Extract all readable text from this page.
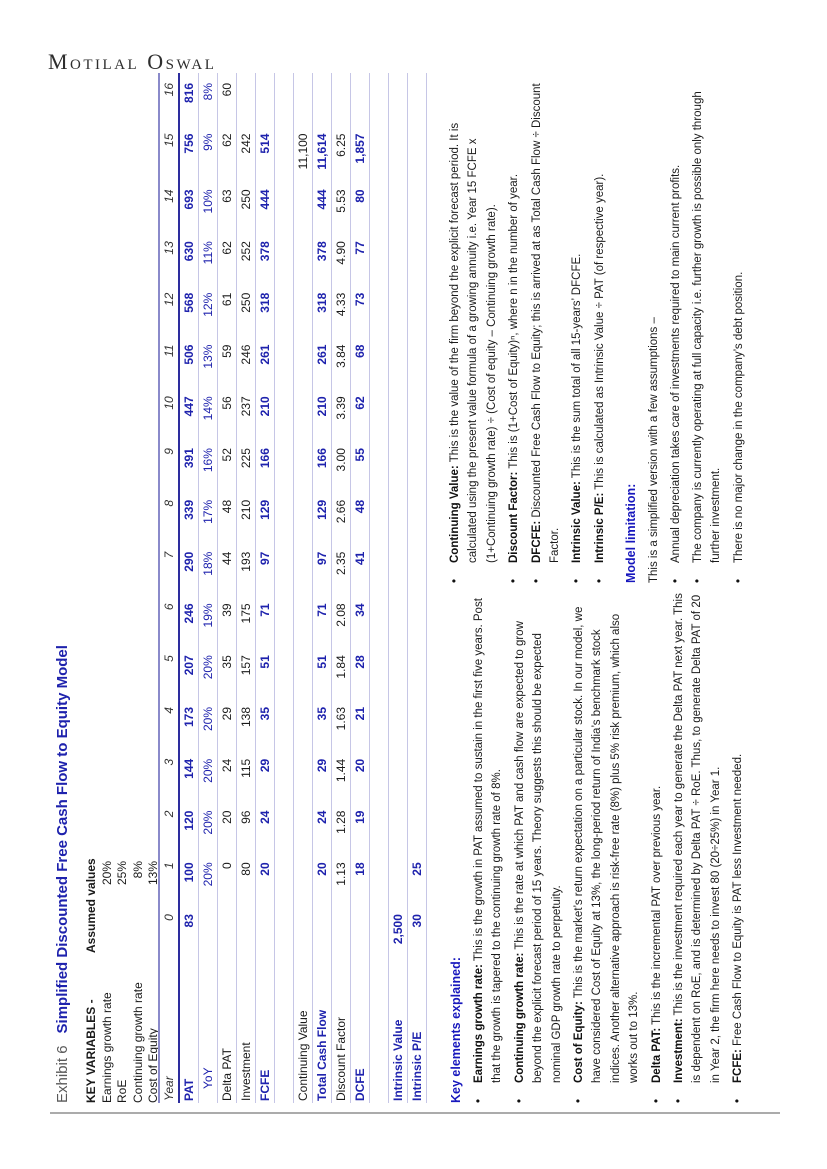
Motilal Oswal
Exhibit 6Simplified Discounted Free Cash Flow to Equity Model
KEY VARIABLES -
Assumed values
Earnings growth rate
20%
RoE
25%
Continuing growth rate
8%
Cost of Equity
13%
Year	0	1	2	3	4	5	6	7	8	9	10	11	12	13	14	15	16
PAT	83	100	120	144	173	207	246	290	339	391	447	506	568	630	693	756	816
YoY		20%	20%	20%	20%	20%	19%	18%	17%	16%	14%	13%	12%	11%	10%	9%	8%
Delta PAT		0	20	24	29	35	39	44	48	52	56	59	61	62	63	62	60
Investment		80	96	115	138	157	175	193	210	225	237	246	250	252	250	242	
FCFE		20	24	29	35	51	71	97	129	166	210	261	318	378	444	514	

Continuing Value																11,100	
Total Cash Flow		20	24	29	35	51	71	97	129	166	210	261	318	378	444	11,614	
Discount Factor		1.13	1.28	1.44	1.63	1.84	2.08	2.35	2.66	3.00	3.39	3.84	4.33	4.90	5.53	6.25	
DCFE		18	19	20	21	28	34	41	48	55	62	68	73	77	80	1,857	

Intrinsic Value	2,500																
Intrinsic P/E	30	25															
Key elements explained: •
Earnings growth rate: This is the growth in PAT assumed to sustain in the first five years. Post that the growth is tapered to the continuing growth rate of 8%.
•
Continuing growth rate: This is the rate at which PAT and cash flow are expected to grow beyond the explicit forecast period of 15 years. Theory suggests this should be expected nominal GDP growth rate to perpetuity.
•
Cost of Equity: This is the market’s return expectation on a particular stock. In our model, we have considered Cost of Equity at 13%, the long-period return of India’s benchmark stock indices. Another alternative approach is risk-free rate (8%) plus 5% risk premium, which also works out to 13%.
•
Delta PAT: This is the incremental PAT over previous year.
•
Investment: This is the investment required each year to generate the Delta PAT next year. This is dependent on RoE, and is determined by Delta PAT ÷ RoE. Thus, to generate Delta PAT of 20 in Year 2, the firm here needs to invest 80 (20÷25%) in Year 1.
•
FCFE: Free Cash Flow to Equity is PAT less Investment needed.
•
Continuing Value: This is the value of the firm beyond the explicit forecast period. It is calculated using the present value formula of a growing annuity i.e. Year 15 FCFE x (1+Continuing growth rate) ÷ (Cost of equity – Continuing growth rate).
•
Discount Factor: This is (1+Cost of Equity)ⁿ, where n in the number of year.
•
DFCFE: Discounted Free Cash Flow to Equity; this is arrived at as Total Cash Flow ÷ Discount Factor.
•
Intrinsic Value: This is the sum total of all 15-years’ DFCFE.
•
Intrinsic P/E: This is calculated as Intrinsic Value ÷ PAT (of respective year).
Model limitation: This is a simplified version with a few assumptions – •
Annual depreciation takes care of investments required to main current profits.
•
The company is currently operating at full capacity i.e. further growth is possible only through further investment.
•
There is no major change in the company’s debt position.
